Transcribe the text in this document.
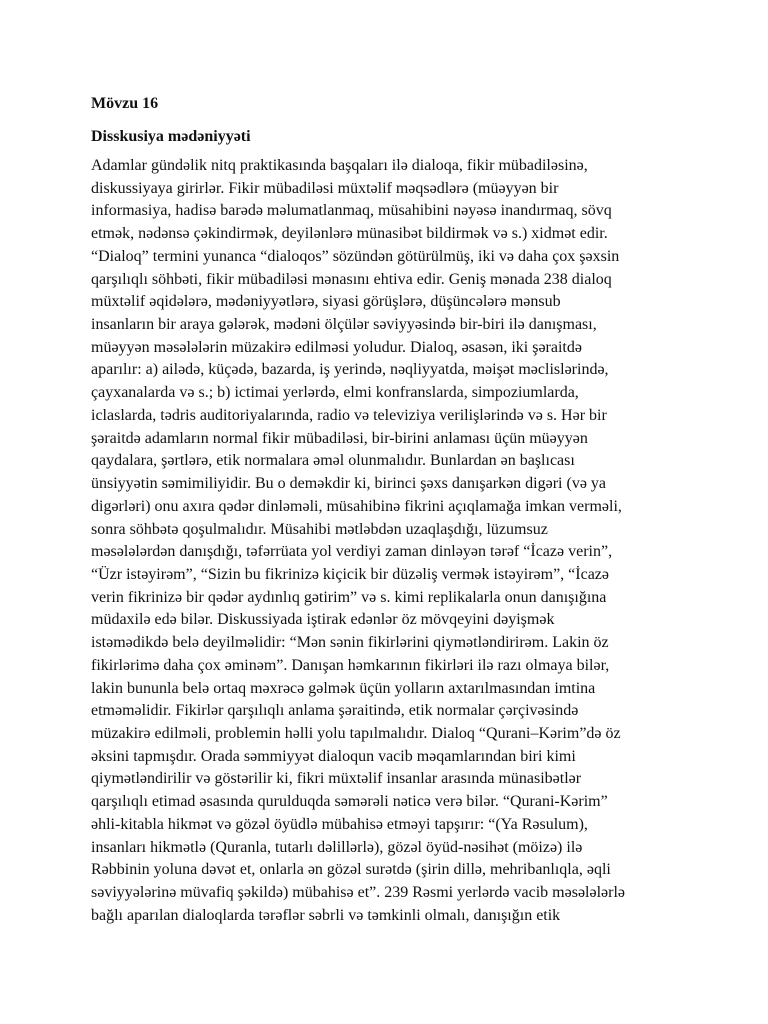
Mövzu 16
Disskusiya mədəniyyəti
Adamlar gündəlik nitq praktikasında başqaları ilə dialoqa, fikir mübadiləsinə,
diskussiyaya girirlər. Fikir mübadiləsi müxtəlif məqsədlərə (müəyyən bir
informasiya, hadisə barədə məlumatlanmaq, müsahibini nəyəsə inandırmaq, sövq
etmək, nədənsə çəkindirmək, deyilənlərə münasibət bildirmək və s.) xidmət edir.
“Dialoq” termini yunanca “dialoqos” sözündən götürülmüş, iki və daha çox şəxsin
qarşılıqlı söhbəti, fikir mübadiləsi mənasını ehtiva edir. Geniş mənada 238 dialoq
müxtəlif əqidələrə, mədəniyyətlərə, siyasi görüşlərə, düşüncələrə mənsub
insanların bir araya gələrək, mədəni ölçülər səviyyəsində bir-biri ilə danışması,
müəyyən məsələlərin müzakirə edilməsi yoludur. Dialoq, əsasən, iki şəraitdə
aparılır: a) ailədə, küçədə, bazarda, iş yerində, nəqliyyatda, məişət məclislərində,
çayxanalarda və s.; b) ictimai yerlərdə, elmi konfranslarda, simpoziumlarda,
iclaslarda, tədris auditoriyalarında, radio və televiziya verilişlərində və s. Hər bir
şəraitdə adamların normal fikir mübadiləsi, bir-birini anlaması üçün müəyyən
qaydalara, şərtlərə, etik normalara əməl olunmalıdır. Bunlardan ən başlıcası
ünsiyyətin səmimiliyidir. Bu o deməkdir ki, birinci şəxs danışarkən digəri (və ya
digərləri) onu axıra qədər dinləməli, müsahibinə fikrini açıqlamağa imkan verməli,
sonra söhbətə qoşulmalıdır. Müsahibi mətləbdən uzaqlaşdığı, lüzumsuz
məsələlərdən danışdığı, təfərrüata yol verdiyi zaman dinləyən tərəf “İcazə verin”,
“Üzr istəyirəm”, “Sizin bu fikrinizə kiçicik bir düzəliş vermək istəyirəm”, “İcazə
verin fikrinizə bir qədər aydınlıq gətirim” və s. kimi replikalarla onun danışığına
müdaxilə edə bilər. Diskussiyada iştirak edənlər öz mövqeyini dəyişmək
istəmədikdə belə deyilməlidir: “Mən sənin fikirlərini qiymətləndirirəm. Lakin öz
fikirlərimə daha çox əminəm”. Danışan həmkarının fikirləri ilə razı olmaya bilər,
lakin bununla belə ortaq məxrəcə gəlmək üçün yolların axtarılmasından imtina
etməməlidir. Fikirlər qarşılıqlı anlama şəraitində, etik normalar çərçivəsində
müzakirə edilməli, problemin həlli yolu tapılmalıdır. Dialoq “Qurani–Kərim”də öz
əksini tapmışdır. Orada səmmiyyət dialoqun vacib məqamlarından biri kimi
qiymətləndirilir və göstərilir ki, fikri müxtəlif insanlar arasında münasibətlər
qarşılıqlı etimad əsasında qurulduqda səmərəli nəticə verə bilər. “Qurani-Kərim”
əhli-kitabla hikmət və gözəl öyüdlə mübahisə etməyi tapşırır: “(Ya Rəsulum),
insanları hikmətlə (Quranla, tutarlı dəlillərlə), gözəl öyüd-nəsihət (möizə) ilə
Rəbbinin yoluna dəvət et, onlarla ən gözəl surətdə (şirin dillə, mehribanlıqla, əqli
səviyyələrinə müvafiq şəkildə) mübahisə et”. 239 Rəsmi yerlərdə vacib məsələlərlə
bağlı aparılan dialoqlarda tərəflər səbrli və təmkinli olmalı, danışığın etik
